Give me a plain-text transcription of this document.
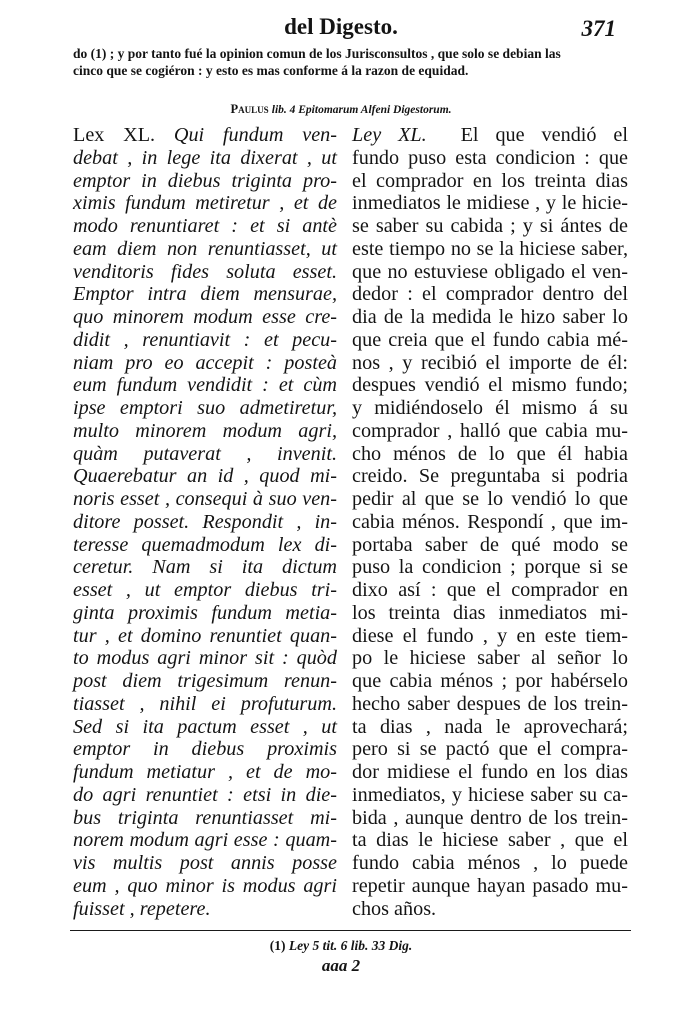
del Digesto.	371
do (1) ; y por tanto fué la opinion comun de los Jurisconsultos , que solo se debian las
cinco que se cogiéron : y esto es mas conforme á la razon de equidad.
Paulus lib. 4 Epitomarum Alfeni Digestorum.

Lex XL. Qui fundum ven-

debat , in lege ita dixerat , ut

emptor in diebus triginta pro-

ximis fundum metiretur , et de

modo renuntiaret : et si antè

eam diem non renuntiasset, ut

venditoris fides soluta esset.

Emptor intra diem mensurae,

quo minorem modum esse cre-

didit , renuntiavit : et pecu-

niam pro eo accepit : posteà

eum fundum vendidit : et cùm

ipse emptori suo admetiretur,

multo minorem modum agri,

quàm putaverat , invenit.

Quaerebatur an id , quod mi-

noris esset , consequi à suo ven-

ditore posset. Respondit , in-

teresse quemadmodum lex di-

ceretur. Nam si ita dictum

esset , ut emptor diebus tri-

ginta proximis fundum metia-

tur , et domino renuntiet quan-

to modus agri minor sit : quòd

post diem trigesimum renun-

tiasset , nihil ei profuturum.

Sed si ita pactum esset , ut

emptor in diebus proximis

fundum metiatur , et de mo-

do agri renuntiet : etsi in die-

bus triginta renuntiasset mi-

norem modum agri esse : quam-

vis multis post annis posse

eum , quo minor is modus agri

fuisset , repetere.

Ley XL. El que vendió el

fundo puso esta condicion : que

el comprador en los treinta dias

inmediatos le midiese , y le hicie-

se saber su cabida ; y si ántes de

este tiempo no se la hiciese saber,

que no estuviese obligado el ven-

dedor : el comprador dentro del

dia de la medida le hizo saber lo

que creia que el fundo cabia mé-

nos , y recibió el importe de él:

despues vendió el mismo fundo;

y midiéndoselo él mismo á su

comprador , halló que cabia mu-

cho ménos de lo que él habia

creido. Se preguntaba si podria

pedir al que se lo vendió lo que

cabia ménos. Respondí , que im-

portaba saber de qué modo se

puso la condicion ; porque si se

dixo así : que el comprador en

los treinta dias inmediatos mi-

diese el fundo , y en este tiem-

po le hiciese saber al señor lo

que cabia ménos ; por habérselo

hecho saber despues de los trein-

ta dias , nada le aprovechará;

pero si se pactó que el compra-

dor midiese el fundo en los dias

inmediatos, y hiciese saber su ca-

bida , aunque dentro de los trein-

ta dias le hiciese saber , que el

fundo cabia ménos , lo puede

repetir aunque hayan pasado mu-

chos años.

(1) Ley 5 tit. 6 lib. 33 Dig.
aaa 2
